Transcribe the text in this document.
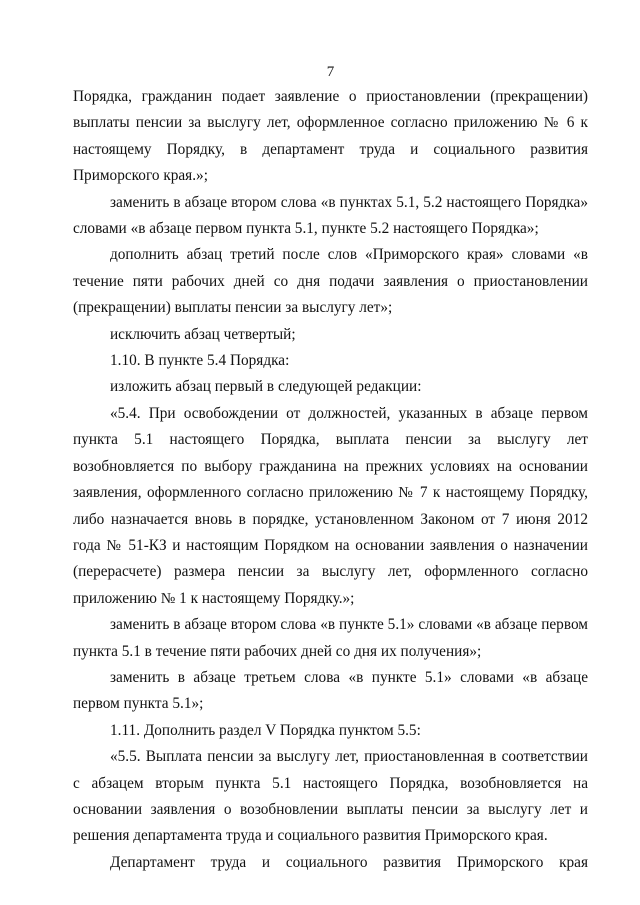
7

Порядка, гражданин подает заявление о приостановлении (прекращении) выплаты пенсии за выслугу лет, оформленное согласно приложению № 6 к настоящему Порядку, в департамент труда и социального развития Приморского края.»;

заменить в абзаце втором слова «в пунктах 5.1, 5.2 настоящего Порядка» словами «в абзаце первом пункта 5.1, пункте 5.2 настоящего Порядка»;

дополнить абзац третий после слов «Приморского края» словами «в течение пяти рабочих дней со дня подачи заявления о приостановлении (прекращении) выплаты пенсии за выслугу лет»;

исключить абзац четвертый;

1.10. В пункте 5.4 Порядка:

изложить абзац первый в следующей редакции:

«5.4. При освобождении от должностей, указанных в абзаце первом пункта 5.1 настоящего Порядка, выплата пенсии за выслугу лет возобновляется по выбору гражданина на прежних условиях на основании заявления, оформленного согласно приложению № 7 к настоящему Порядку, либо назначается вновь в порядке, установленном Законом от 7 июня 2012 года № 51-КЗ и настоящим Порядком на основании заявления о назначении (перерасчете) размера пенсии за выслугу лет, оформленного согласно приложению № 1 к настоящему Порядку.»;

заменить в абзаце втором слова «в пункте 5.1» словами «в абзаце первом пункта 5.1 в течение пяти рабочих дней со дня их получения»;

заменить в абзаце третьем слова «в пункте 5.1» словами «в абзаце первом пункта 5.1»;

1.11. Дополнить раздел V Порядка пунктом 5.5:

«5.5. Выплата пенсии за выслугу лет, приостановленная в соответствии с абзацем вторым пункта 5.1 настоящего Порядка, возобновляется на основании заявления о возобновлении выплаты пенсии за выслугу лет и решения департамента труда и социального развития Приморского края.

Департамент труда и социального развития Приморского края
